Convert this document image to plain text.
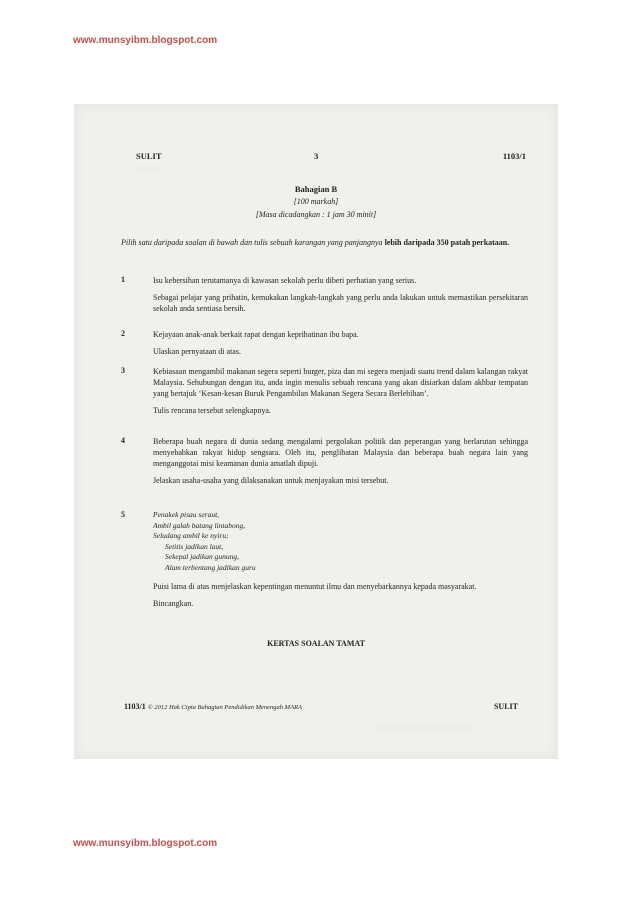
www.munsyibm.blogspot.com
░░░░░
░░░░░░░░░░░░░░░░░░░░
SULIT	3	1103/1
Bahagian B
[100 markah]
[Masa dicadangkan : 1 jam 30 minit]
Pilih satu daripada soalan di bawah dan tulis sebuah karangan yang panjangnya lebih daripada 350 patah perkataan.
1	Isu kebersihan terutamanya di kawasan sekolah perlu diberi perhatian yang serius.

Sebagai pelajar yang prihatin, kemukakan langkah-langkah yang perlu anda lakukan untuk memastikan persekitaran sekolah anda sentiasa bersih.

2	Kejayaan anak-anak berkait rapat dengan keprihatinan ibu bapa.

Ulaskan pernyataan di atas.

3	Kebiasaan mengambil makanan segera seperti burger, piza dan mi segera menjadi suatu trend dalam kalangan rakyat Malaysia. Sehubungan dengan itu, anda ingin menulis sebuah rencana yang akan disiarkan dalam akhbar tempatan yang bertajuk ‘Kesan-kesan Buruk Pengambilan Makanan Segera Secara Berlebihan’.

Tulis rencana tersebut selengkapnya.

4	Beberapa buah negara di dunia sedang mengalami pergolakan politik dan peperangan yang berlarutan sehingga menyebabkan rakyat hidup sengsara. Oleh itu, penglibatan Malaysia dan beberapa buah negara lain yang menganggotai misi keamanan dunia amatlah dipuji.

Jelaskan usaha-usaha yang dilaksanakan untuk menjayakan misi tersebut.

5	Penakek pisau seraut,
Ambil galah batang lintabong,
Seludang ambil ke nyiru;
Setitis jadikan laut,
Sekepal jadikan gunung,
Alam terbentang jadikan guru

Puisi lama di atas menjelaskan kepentingan menuntut ilmu dan menyebarkannya kepada masyarakat.

Bincangkan.

KERTAS SOALAN TAMAT
1103/1 © 2012 Hak Cipta Bahagian Pendidikan Menengah MARA	SULIT
www.munsyibm.blogspot.com
